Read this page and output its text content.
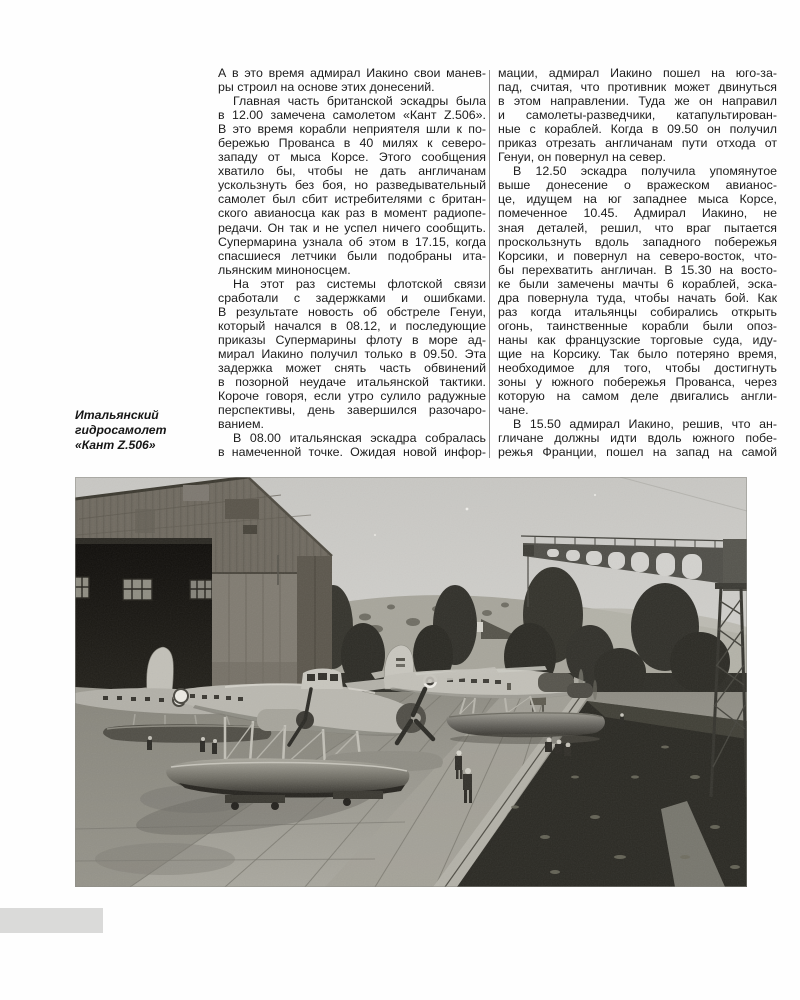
Итальянский
гидросамолет
«Кант Z.506»
А в это время адмирал Иакино свои манев-
ры строил на основе этих донесений.
Главная часть британской эскадры была
в 12.00 замечена самолетом «Кант Z.506».
В это время корабли неприятеля шли к по-
бережью Прованса в 40 милях к северо-
западу от мыса Корсе. Этого сообщения
хватило бы, чтобы не дать англичанам
ускользнуть без боя, но разведывательный
самолет был сбит истребителями с британ-
ского авианосца как раз в момент радиопе-
редачи. Он так и не успел ничего сообщить.
Супермарина узнала об этом в 17.15, когда
спасшиеся летчики были подобраны ита-
льянским миноносцем.
На этот раз системы флотской связи
сработали с задержками и ошибками.
В результате новость об обстреле Генуи,
который начался в 08.12, и последующие
приказы Супермарины флоту в море ад-
мирал Иакино получил только в 09.50. Эта
задержка может снять часть обвинений
в позорной неудаче итальянской тактики.
Короче говоря, если утро сулило радужные
перспективы, день завершился разочаро-
ванием.
В 08.00 итальянская эскадра собралась
в намеченной точке. Ожидая новой инфор-
мации, адмирал Иакино пошел на юго-за-
пад, считая, что противник может двинуться
в этом направлении. Туда же он направил
и самолеты-разведчики, катапультирован-
ные с кораблей. Когда в 09.50 он получил
приказ отрезать англичанам пути отхода от
Генуи, он повернул на север.
В 12.50 эскадра получила упомянутое
выше донесение о вражеском авианос-
це, идущем на юг западнее мыса Корсе,
помеченное 10.45. Адмирал Иакино, не
зная деталей, решил, что враг пытается
проскользнуть вдоль западного побережья
Корсики, и повернул на северо-восток, что-
бы перехватить англичан. В 15.30 на восто-
ке были замечены мачты 6 кораблей, эска-
дра повернула туда, чтобы начать бой. Как
раз когда итальянцы собирались открыть
огонь, таинственные корабли были опоз-
наны как французские торговые суда, иду-
щие на Корсику. Так было потеряно время,
необходимое для того, чтобы достигнуть
зоны у южного побережья Прованса, через
которую на самом деле двигались англи-
чане.
В 15.50 адмирал Иакино, решив, что ан-
гличане должны идти вдоль южного побе-
режья Франции, пошел на запад на самой
